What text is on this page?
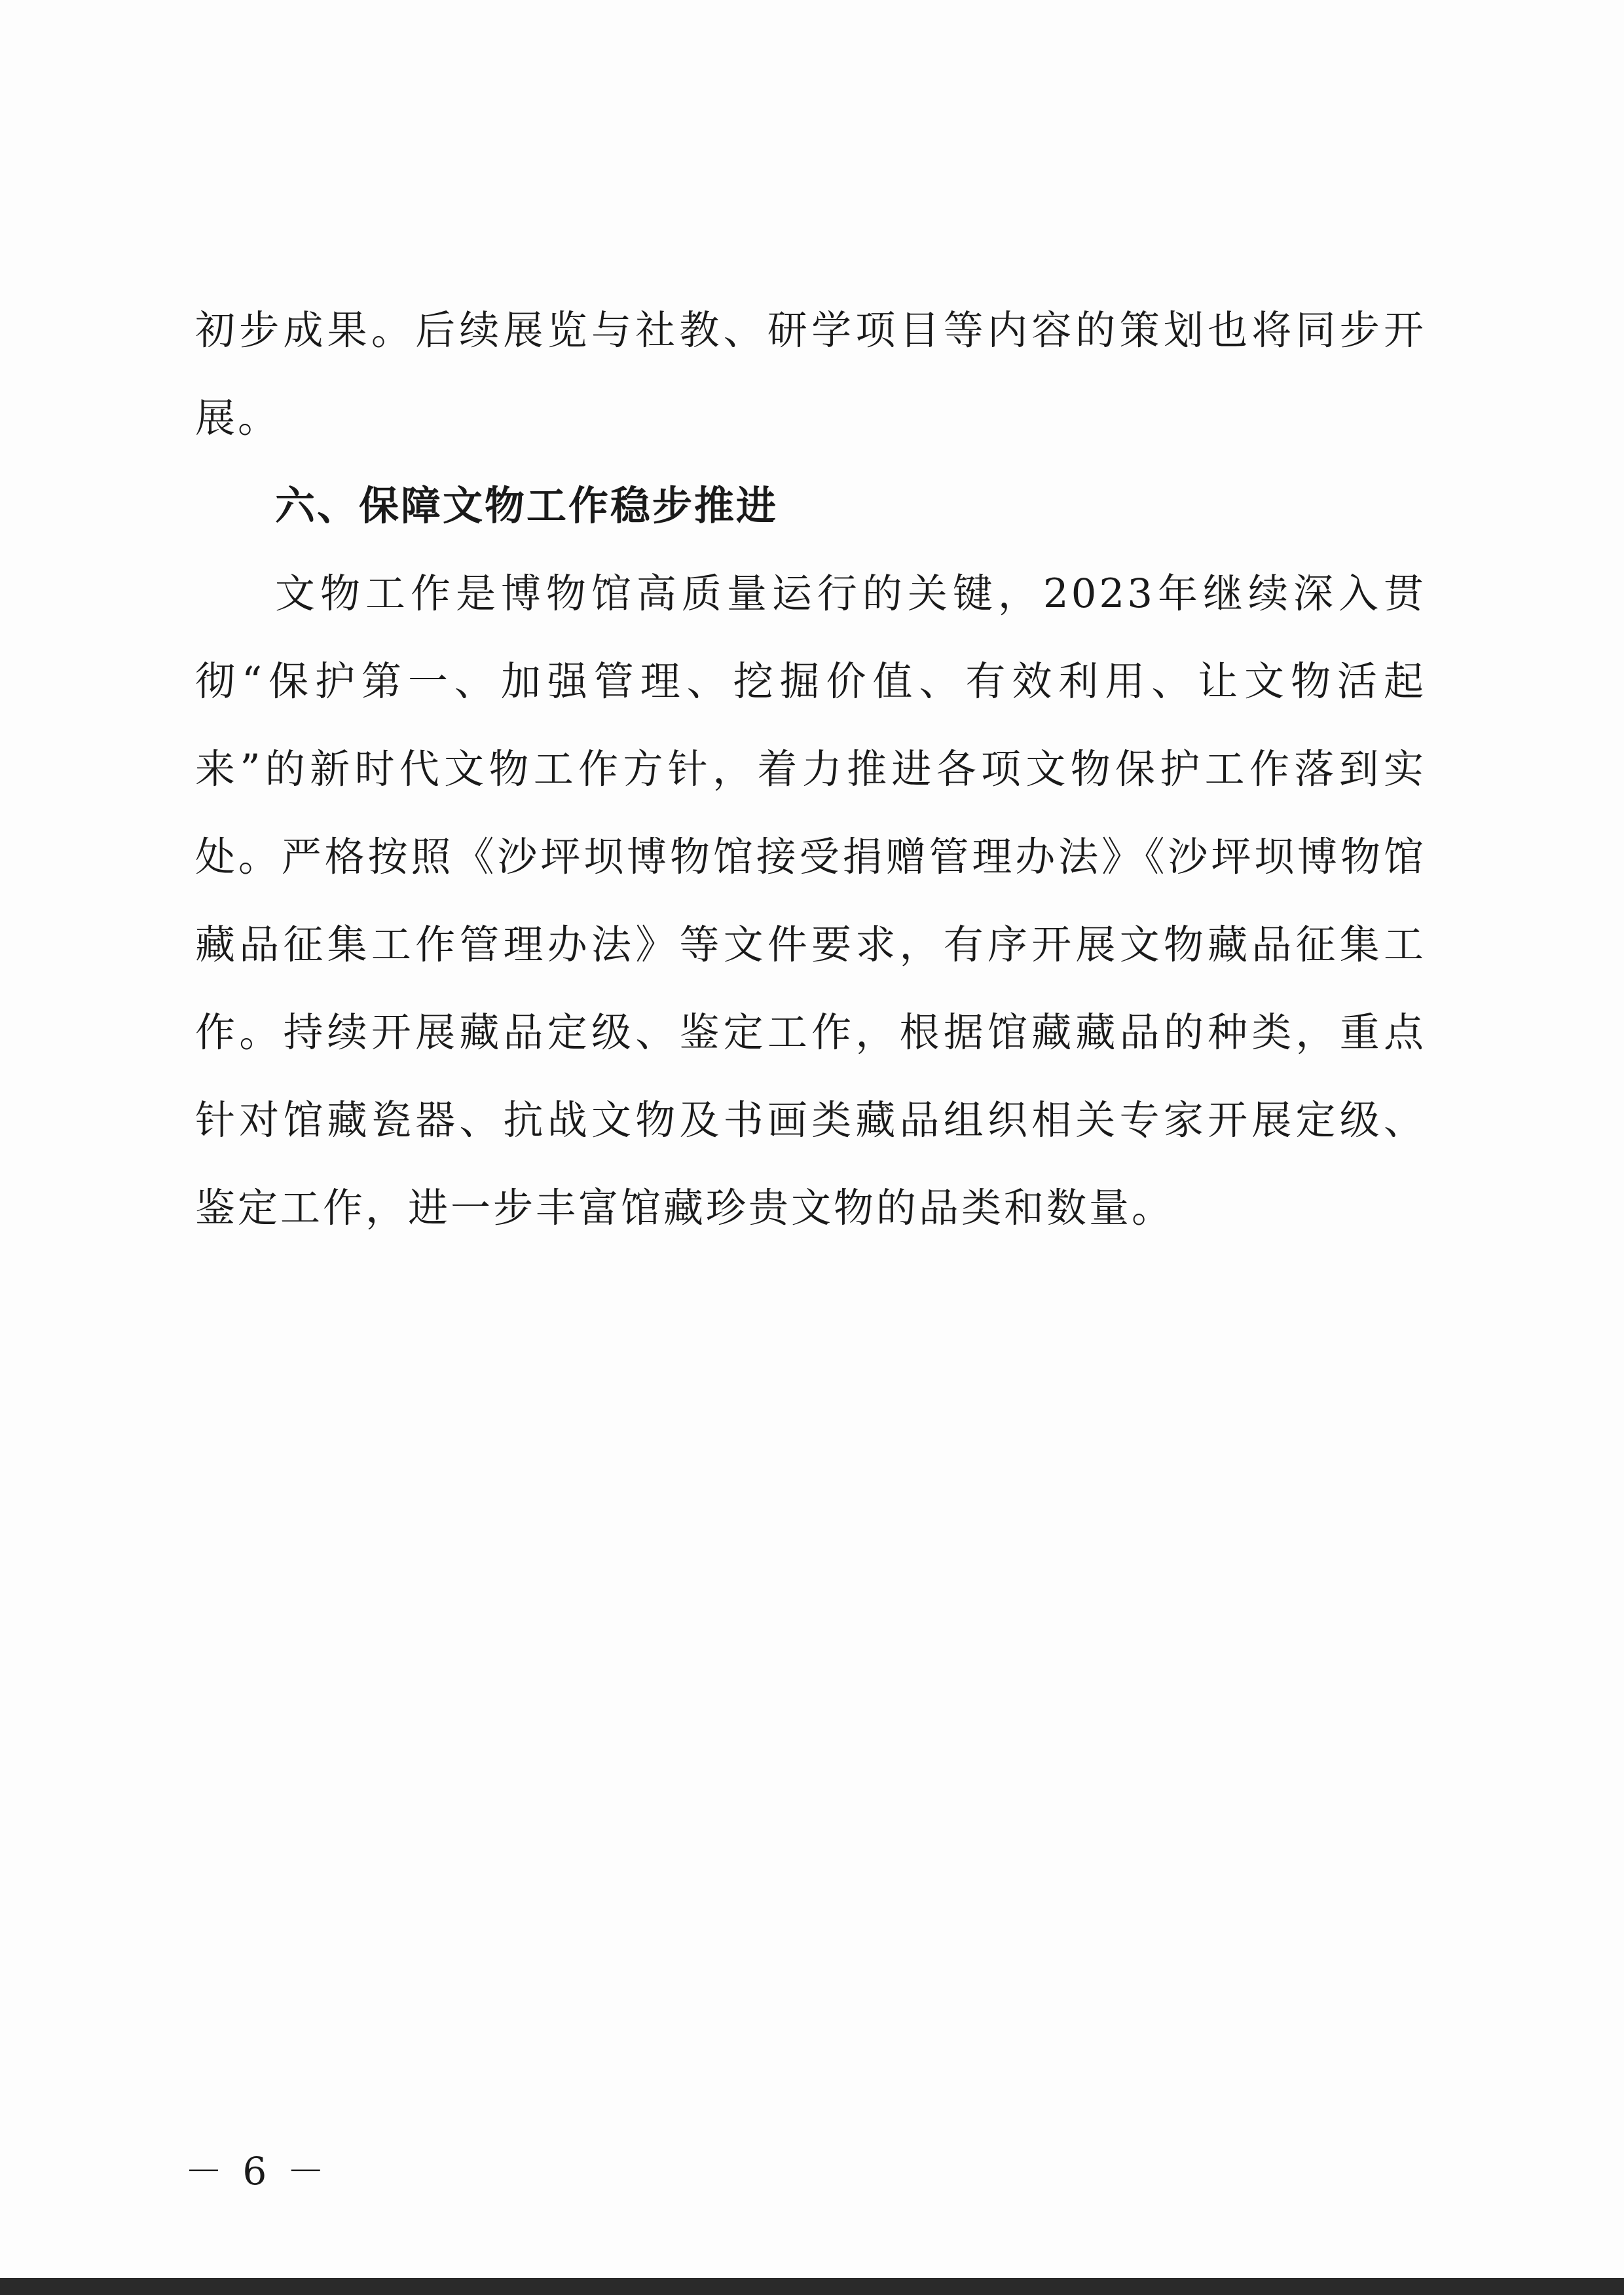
初步成果。后续展览与社教、研学项目等内容的策划也将同步开展。

六、保障文物工作稳步推进

文物工作是博物馆高质量运行的关键，2023年继续深入贯彻“保护第一、加强管理、挖掘价值、有效利用、让文物活起来”的新时代文物工作方针，着力推进各项文物保护工作落到实处。严格按照《沙坪坝博物馆接受捐赠管理办法》《沙坪坝博物馆藏品征集工作管理办法》等文件要求，有序开展文物藏品征集工作。持续开展藏品定级、鉴定工作，根据馆藏藏品的种类，重点针对馆藏瓷器、抗战文物及书画类藏品组织相关专家开展定级、鉴定工作，进一步丰富馆藏珍贵文物的品类和数量。

－ 6 －
